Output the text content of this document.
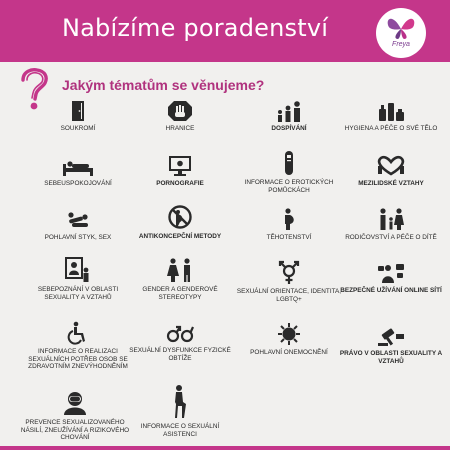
Nabízíme poradenství
Freya
Jakým tématům se věnujeme?
SOUKROMÍ	HRANICE	DOSPÍVÁNÍ	HYGIENA A PÉČE O SVÉ TĚLO
SEBEUSPOKOJOVÁNÍ	PORNOGRAFIE	INFORMACE O EROTICKÝCH POMŮCKÁCH
MEZILIDSKÉ VZTAHY
POHLAVNÍ STYK, SEX	ANTIKONCEPČNÍ METODY	TĚHOTENSTVÍ	RODIČOVSTVÍ A PÉČE O DÍTĚ
SEBEPOZNÁNÍ V OBLASTI SEXUALITY A VZTAHŮ
GENDER A GENDEROVÉ STEREOTYPY
SEXUÁLNÍ ORIENTACE, IDENTITA, LGBTQ+
BEZPEČNÉ UŽÍVÁNÍ ONLINE SÍTÍ
INFORMACE O REALIZACI SEXUÁLNÍCH POTŘEB OSOB SE ZDRAVOTNÍM ZNEVÝHODNĚNÍM
SEXUÁLNÍ DYSFUNKCE FYZICKÉ OBTÍŽE
POHLAVNÍ ONEMOCNĚNÍ	PRÁVO V OBLASTI SEXUALITY A VZTAHŮ
PREVENCE SEXUALIZOVANÉHO NÁSILÍ, ZNEUŽÍVÁNÍ A RIZIKOVÉHO CHOVÁNÍ
INFORMACE O SEXUÁLNÍ ASISTENCI
